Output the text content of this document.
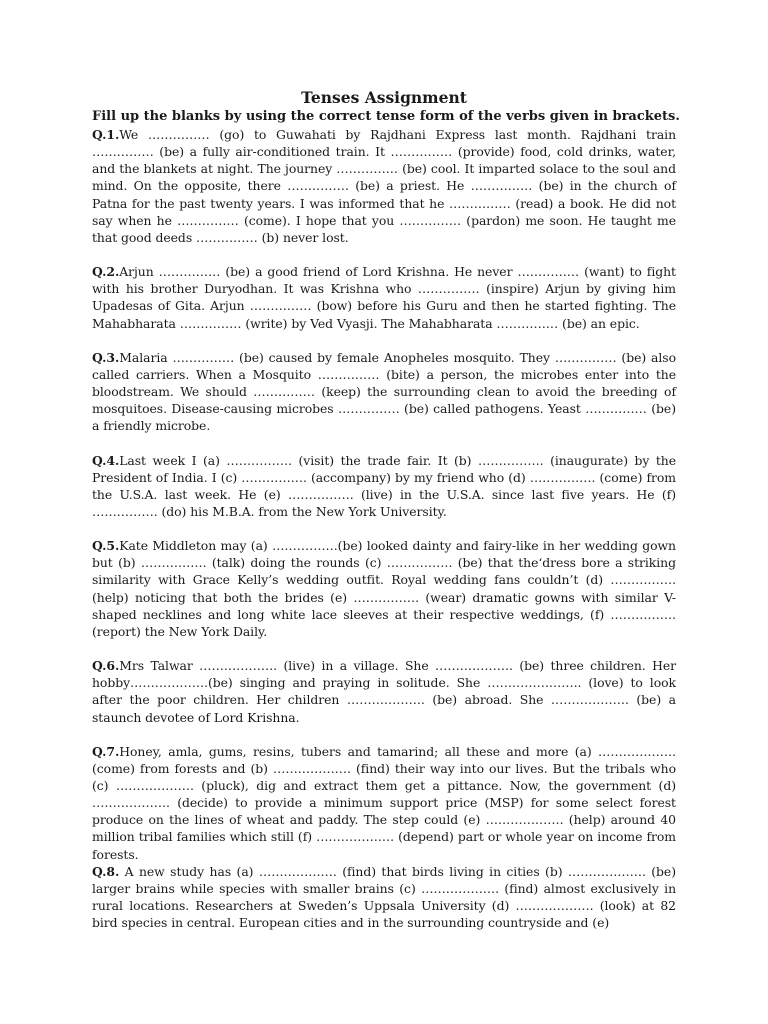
Tenses Assignment

Fill up the blanks by using the correct tense form of the verbs given in brackets.

Q.1.We …………… (go) to Guwahati by Rajdhani Express last month. Rajdhani train …………… (be) a fully air-conditioned train. It …………… (provide) food, cold drinks, water, and the blankets at night. The journey …………… (be) cool. It imparted solace to the soul and mind. On the opposite, there …………… (be) a priest. He …………… (be) in the church of Patna for the past twenty years. I was informed that he …………… (read) a book. He did not say when he …………… (come). I hope that you …………… (pardon) me soon. He taught me that good deeds …………… (b) never lost.

Q.2.Arjun …………… (be) a good friend of Lord Krishna. He never …………… (want) to fight with his brother Duryodhan. It was Krishna who …………… (inspire) Arjun by giving him Upadesas of Gita. Arjun …………… (bow) before his Guru and then he started fighting. The Mahabharata …………… (write) by Ved Vyasji. The Mahabharata …………… (be) an epic.

Q.3.Malaria …………… (be) caused by female Anopheles mosquito. They …………… (be) also called carriers. When a Mosquito …………… (bite) a person, the microbes enter into the bloodstream. We should …………… (keep) the surrounding clean to avoid the breeding of mosquitoes. Disease-causing microbes …………… (be) called pathogens. Yeast …………… (be) a friendly microbe.

Q.4.Last week I (a) ……………. (visit) the trade fair. It (b) ……………. (inaugurate) by the President of India. I (c) ……………. (accompany) by my friend who (d) ……………. (come) from the U.S.A. last week. He (e) ……………. (live) in the U.S.A. since last five years. He (f) ……………. (do) his M.B.A. from the New York University.

Q.5.Kate Middleton may (a) …………….(be) looked dainty and fairy-like in her wedding gown but (b) ……………. (talk) doing the rounds (c) ……………. (be) that the‘dress bore a striking similarity with Grace Kelly’s wedding outfit. Royal wedding fans couldn’t (d) ……………. (help) noticing that both the brides (e) ……………. (wear) dramatic gowns with similar V-shaped necklines and long white lace sleeves at their respective weddings, (f) ……………. (report) the New York Daily.

Q.6.Mrs Talwar ………………. (live) in a village. She ………………. (be) three children. Her hobby……………….(be) singing and praying in solitude. She ………………….. (love) to look after the poor children. Her children ………………. (be) abroad. She ………………. (be) a staunch devotee of Lord Krishna.

Q.7.Honey, amla, gums, resins, tubers and tamarind; all these and more (a) ………………. (come) from forests and (b) ………………. (find) their way into our lives. But the tribals who (c) ………………. (pluck), dig and extract them get a pittance. Now, the government (d) ………………. (decide) to provide a minimum support price (MSP) for some select forest produce on the lines of wheat and paddy. The step could (e) ………………. (help) around 40 million tribal families which still (f) ………………. (depend) part or whole year on income from forests.

Q.8. A new study has (a) ………………. (find) that birds living in cities (b) ………………. (be) larger brains while species with smaller brains (c) ………………. (find) almost exclusively in rural locations. Researchers at Sweden’s Uppsala University (d) ………………. (look) at 82 bird species in central. European cities and in the surrounding countryside and (e)
